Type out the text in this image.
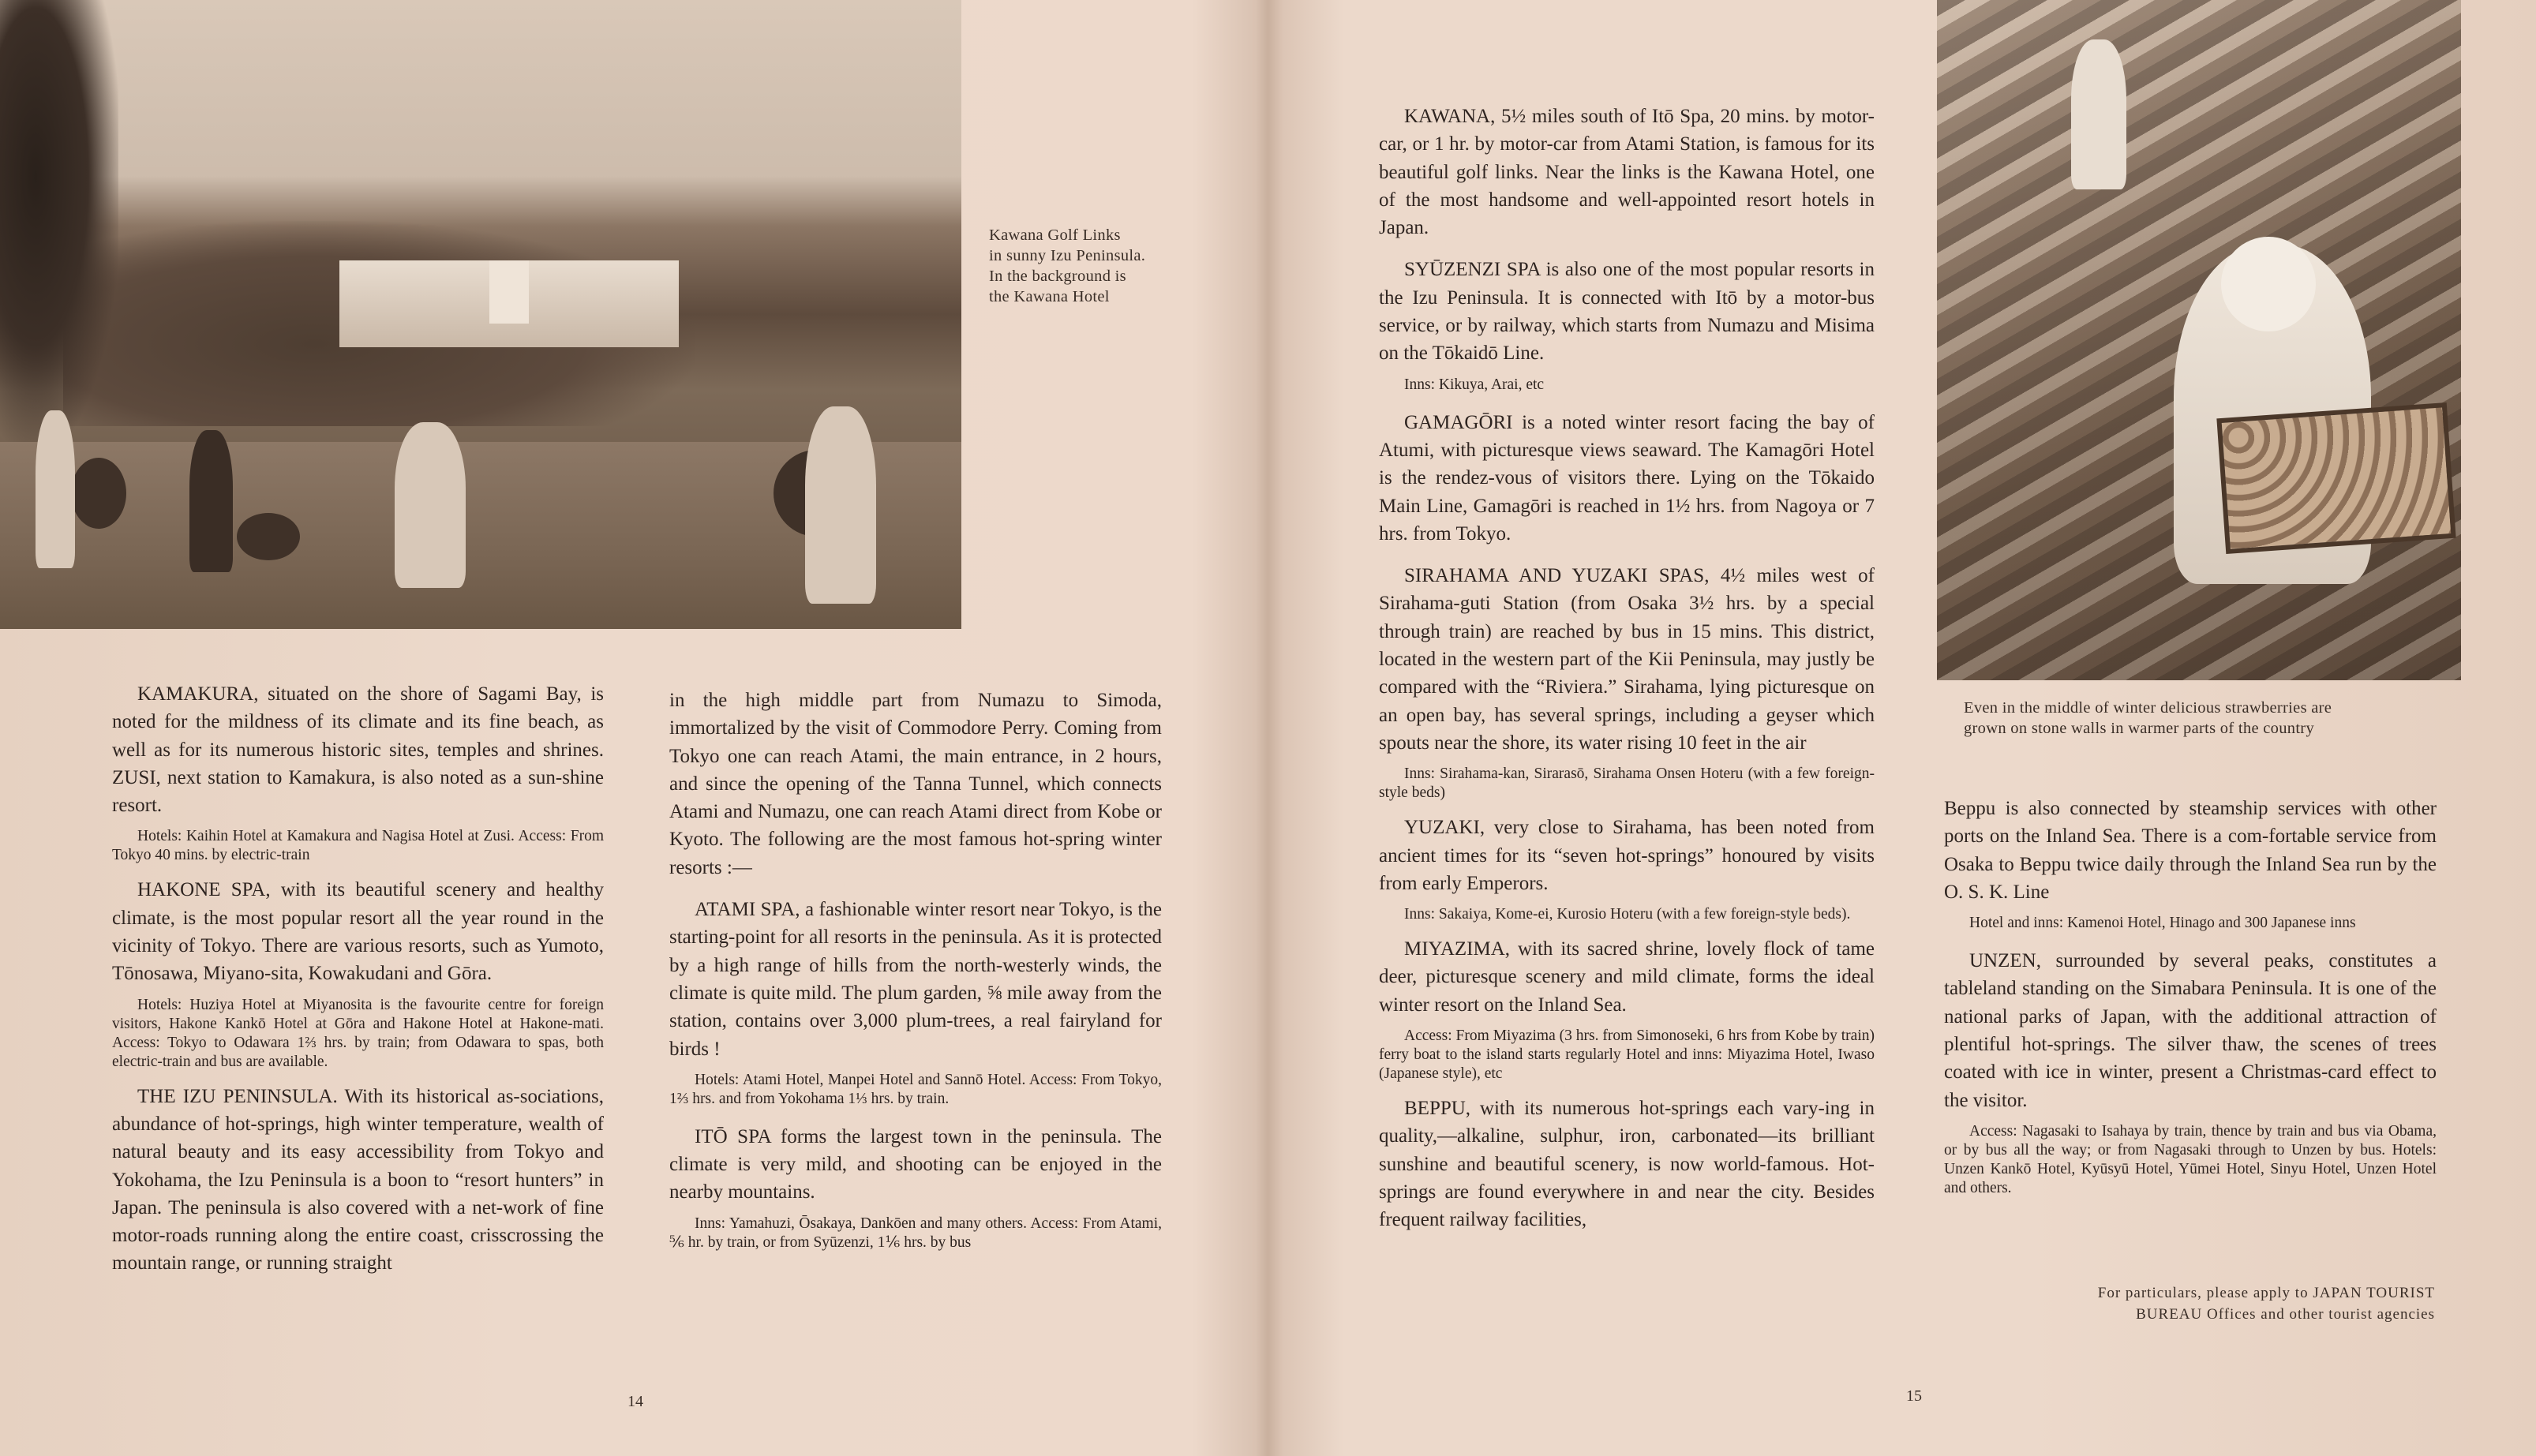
Kawana Golf Links
in sunny Izu Peninsula.
In the background is
the Kawana Hotel

KAMAKURA, situated on the shore of Sagami Bay, is noted for the mildness of its climate and its fine beach, as well as for its numerous historic sites, temples and shrines. ZUSI, next station to Kamakura, is also noted as a sun-shine resort.

Hotels: Kaihin Hotel at Kamakura and Nagisa Hotel at Zusi. Access: From Tokyo 40 mins. by electric-train

HAKONE SPA, with its beautiful scenery and healthy climate, is the most popular resort all the year round in the vicinity of Tokyo. There are various resorts, such as Yumoto, Tōnosawa, Miyano-sita, Kowakudani and Gōra.

Hotels: Huziya Hotel at Miyanosita is the favourite centre for foreign visitors, Hakone Kankō Hotel at Gōra and Hakone Hotel at Hakone-mati. Access: Tokyo to Odawara 1⅔ hrs. by train; from Odawara to spas, both electric-train and bus are available.

THE IZU PENINSULA. With its historical as-sociations, abundance of hot-springs, high winter temperature, wealth of natural beauty and its easy accessibility from Tokyo and Yokohama, the Izu Peninsula is a boon to “resort hunters” in Japan. The peninsula is also covered with a net-work of fine motor-roads running along the entire coast, crisscrossing the mountain range, or running straight

in the high middle part from Numazu to Simoda, immortalized by the visit of Commodore Perry. Coming from Tokyo one can reach Atami, the main entrance, in 2 hours, and since the opening of the Tanna Tunnel, which connects Atami and Numazu, one can reach Atami direct from Kobe or Kyoto. The following are the most famous hot-spring winter resorts :—

ATAMI SPA, a fashionable winter resort near Tokyo, is the starting-point for all resorts in the peninsula. As it is protected by a high range of hills from the north-westerly winds, the climate is quite mild. The plum garden, ⅝ mile away from the station, contains over 3,000 plum-trees, a real fairyland for birds !

Hotels: Atami Hotel, Manpei Hotel and Sannō Hotel. Access: From Tokyo, 1⅔ hrs. and from Yokohama 1⅓ hrs. by train.

ITŌ SPA forms the largest town in the peninsula. The climate is very mild, and shooting can be enjoyed in the nearby mountains.

Inns: Yamahuzi, Ōsakaya, Dankōen and many others. Access: From Atami, ⅚ hr. by train, or from Syūzenzi, 1⅙ hrs. by bus

14

KAWANA, 5½ miles south of Itō Spa, 20 mins. by motor-car, or 1 hr. by motor-car from Atami Station, is famous for its beautiful golf links. Near the links is the Kawana Hotel, one of the most handsome and well-appointed resort hotels in Japan.

SYŪZENZI SPA is also one of the most popular resorts in the Izu Peninsula. It is connected with Itō by a motor-bus service, or by railway, which starts from Numazu and Misima on the Tōkaidō Line.

Inns: Kikuya, Arai, etc

GAMAGŌRI is a noted winter resort facing the bay of Atumi, with picturesque views seaward. The Kamagōri Hotel is the rendez-vous of visitors there. Lying on the Tōkaido Main Line, Gamagōri is reached in 1½ hrs. from Nagoya or 7 hrs. from Tokyo.

SIRAHAMA AND YUZAKI SPAS, 4½ miles west of Sirahama-guti Station (from Osaka 3½ hrs. by a special through train) are reached by bus in 15 mins. This district, located in the western part of the Kii Peninsula, may justly be compared with the “Riviera.” Sirahama, lying picturesque on an open bay, has several springs, including a geyser which spouts near the shore, its water rising 10 feet in the air

Inns: Sirahama-kan, Sirarasō, Sirahama Onsen Hoteru (with a few foreign-style beds)

YUZAKI, very close to Sirahama, has been noted from ancient times for its “seven hot-springs” honoured by visits from early Emperors.

Inns: Sakaiya, Kome-ei, Kurosio Hoteru (with a few foreign-style beds).

MIYAZIMA, with its sacred shrine, lovely flock of tame deer, picturesque scenery and mild climate, forms the ideal winter resort on the Inland Sea.

Access: From Miyazima (3 hrs. from Simonoseki, 6 hrs from Kobe by train) ferry boat to the island starts regularly Hotel and inns: Miyazima Hotel, Iwaso (Japanese style), etc

BEPPU, with its numerous hot-springs each vary-ing in quality,—alkaline, sulphur, iron, carbonated—its brilliant sunshine and beautiful scenery, is now world-famous. Hot-springs are found everywhere in and near the city. Besides frequent railway facilities,

Even in the middle of winter delicious strawberries are
grown on stone walls in warmer parts of the country

Beppu is also connected by steamship services with other ports on the Inland Sea. There is a com-fortable service from Osaka to Beppu twice daily through the Inland Sea run by the O. S. K. Line

Hotel and inns: Kamenoi Hotel, Hinago and 300 Japanese inns

UNZEN, surrounded by several peaks, constitutes a tableland standing on the Simabara Peninsula. It is one of the national parks of Japan, with the additional attraction of plentiful hot-springs. The silver thaw, the scenes of trees coated with ice in winter, present a Christmas-card effect to the visitor.

Access: Nagasaki to Isahaya by train, thence by train and bus via Obama, or by bus all the way; or from Nagasaki through to Unzen by bus. Hotels: Unzen Kankō Hotel, Kyūsyū Hotel, Yūmei Hotel, Sinyu Hotel, Unzen Hotel and others.

For particulars, please apply to JAPAN TOURIST
BUREAU Offices and other tourist agencies
15
